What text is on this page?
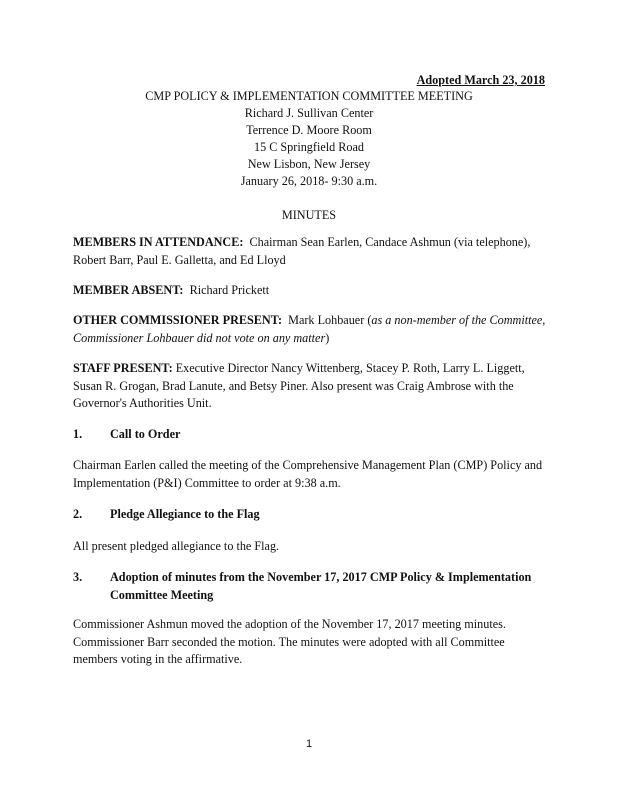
Adopted March 23, 2018
CMP POLICY & IMPLEMENTATION COMMITTEE MEETING
Richard J. Sullivan Center
Terrence D. Moore Room
15 C Springfield Road
New Lisbon, New Jersey
January 26, 2018- 9:30 a.m.
MINUTES
MEMBERS IN ATTENDANCE: Chairman Sean Earlen, Candace Ashmun (via telephone), Robert Barr, Paul E. Galletta, and Ed Lloyd
MEMBER ABSENT: Richard Prickett
OTHER COMMISSIONER PRESENT: Mark Lohbauer (as a non-member of the Committee, Commissioner Lohbauer did not vote on any matter)
STAFF PRESENT: Executive Director Nancy Wittenberg, Stacey P. Roth, Larry L. Liggett, Susan R. Grogan, Brad Lanute, and Betsy Piner. Also present was Craig Ambrose with the Governor's Authorities Unit.
1. Call to Order
Chairman Earlen called the meeting of the Comprehensive Management Plan (CMP) Policy and Implementation (P&I) Committee to order at 9:38 a.m.
2. Pledge Allegiance to the Flag
All present pledged allegiance to the Flag.
3. Adoption of minutes from the November 17, 2017 CMP Policy & Implementation Committee Meeting
Commissioner Ashmun moved the adoption of the November 17, 2017 meeting minutes. Commissioner Barr seconded the motion. The minutes were adopted with all Committee members voting in the affirmative.
1
